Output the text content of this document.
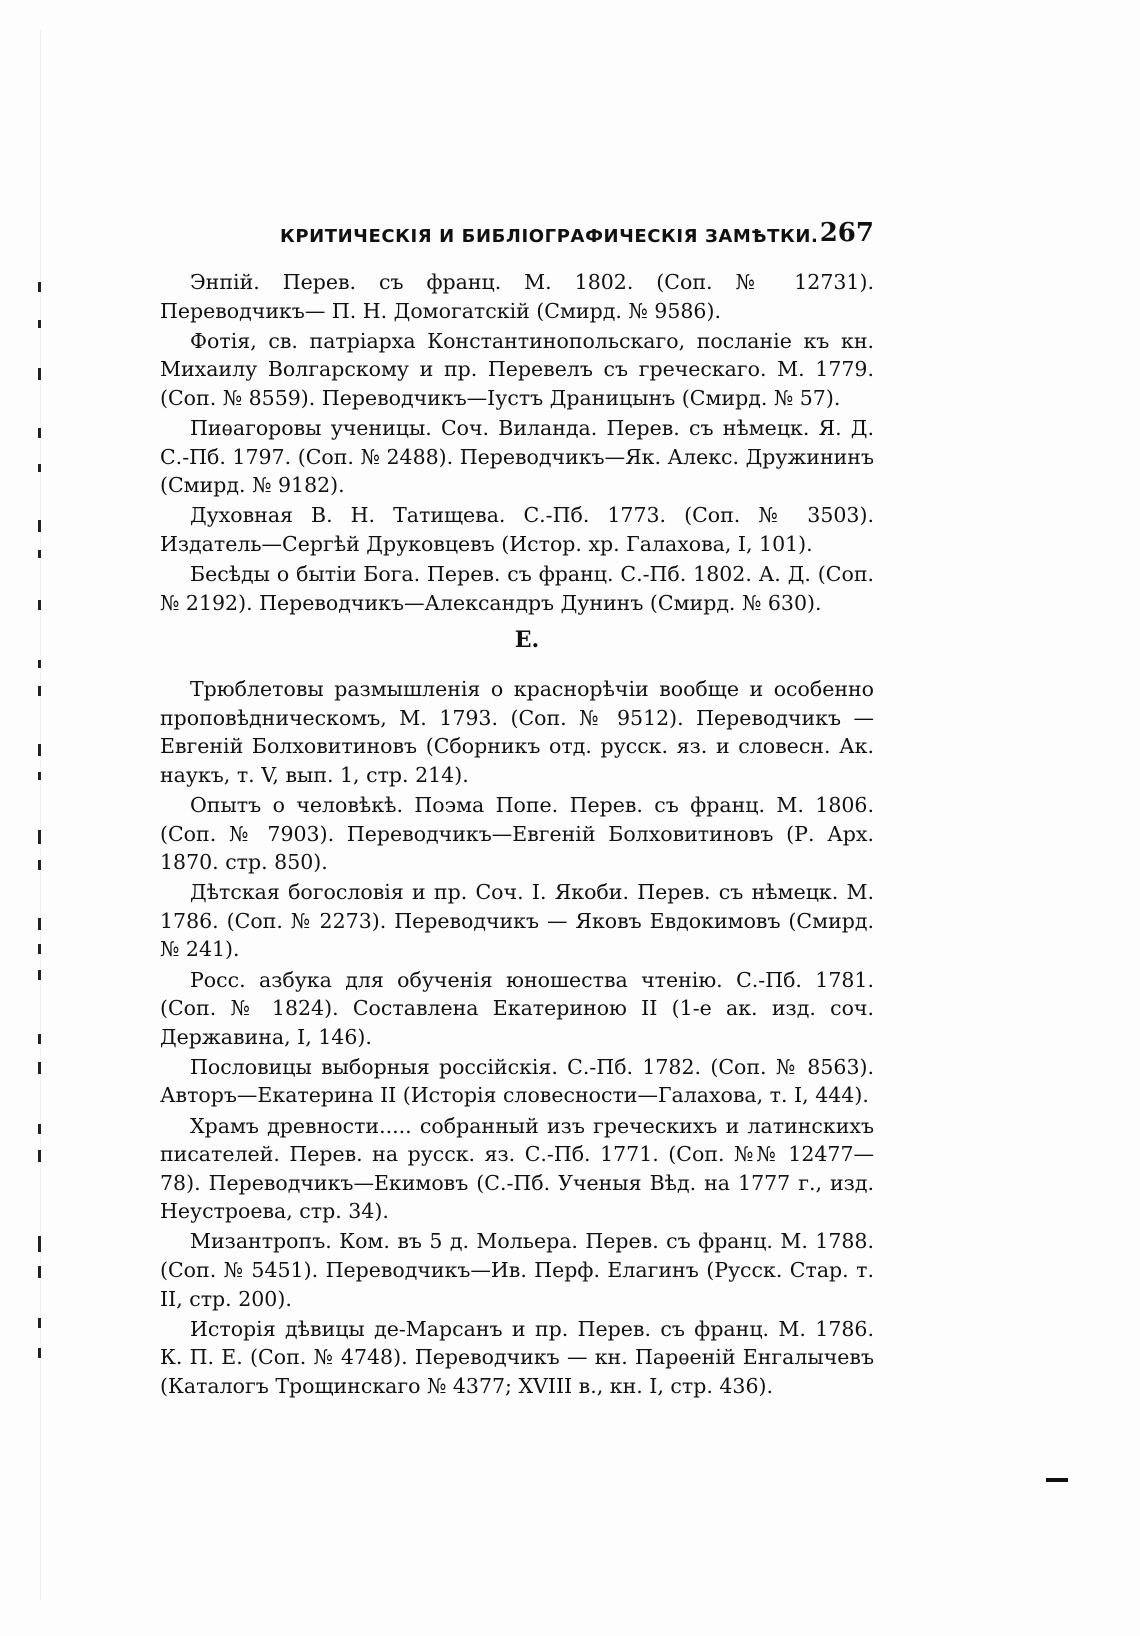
КРИТИЧЕСКІЯ И БИБЛІОГРАФИЧЕСКІЯ ЗАМѢТКИ. 267

Энпій. Перев. съ франц. М. 1802. (Соп. № 12731). Переводчикъ— П. Н. Домогатскій (Смирд. № 9586).

Фотія, св. патріарха Константинопольскаго, посланіе къ кн. Михаилу Волгарскому и пр. Перевелъ съ греческаго. М. 1779. (Соп. № 8559). Переводчикъ—Іустъ Драницынъ (Смирд. № 57).

Пиѳагоровы ученицы. Соч. Виланда. Перев. съ нѣмецк. Я. Д. С.-Пб. 1797. (Соп. № 2488). Переводчикъ—Як. Алекс. Дружининъ (Смирд. № 9182).

Духовная В. Н. Татищева. С.-Пб. 1773. (Соп. № 3503). Издатель—Сергѣй Друковцевъ (Истор. хр. Галахова, I, 101).

Бесѣды о бытіи Бога. Перев. съ франц. С.-Пб. 1802. А. Д. (Соп. № 2192). Переводчикъ—Александръ Дунинъ (Смирд. № 630).

Е.

Трюблетовы размышленія о краснорѣчіи вообще и особенно проповѣдническомъ, М. 1793. (Соп. № 9512). Переводчикъ — Евгеній Болховитиновъ (Сборникъ отд. русск. яз. и словесн. Ак. наукъ, т. V, вып. 1, стр. 214).

Опытъ о человѣкѣ. Поэма Попе. Перев. съ франц. М. 1806. (Соп. № 7903). Переводчикъ—Евгеній Болховитиновъ (Р. Арх. 1870. стр. 850).

Дѣтская богословія и пр. Соч. I. Якоби. Перев. съ нѣмецк. М. 1786. (Соп. № 2273). Переводчикъ — Яковъ Евдокимовъ (Смирд. № 241).

Росс. азбука для обученія юношества чтенію. С.-Пб. 1781. (Соп. № 1824). Составлена Екатериною II (1-е ак. изд. соч. Державина, I, 146).

Пословицы выборныя россійскія. С.-Пб. 1782. (Соп. № 8563). Авторъ—Екатерина II (Исторія словесности—Галахова, т. I, 444).

Храмъ древности..... собранный изъ греческихъ и латинскихъ писателей. Перев. на русск. яз. С.-Пб. 1771. (Соп. №№ 12477—78). Переводчикъ—Екимовъ (С.-Пб. Ученыя Вѣд. на 1777 г., изд. Неустроева, стр. 34).

Мизантропъ. Ком. въ 5 д. Мольера. Перев. съ франц. М. 1788. (Соп. № 5451). Переводчикъ—Ив. Перф. Елагинъ (Русск. Стар. т. II, стр. 200).

Исторія дѣвицы де-Марсанъ и пр. Перев. съ франц. М. 1786. К. П. Е. (Соп. № 4748). Переводчикъ — кн. Парѳеній Енгалычевъ (Каталогъ Трощинскаго № 4377; XVIII в., кн. I, стр. 436).
